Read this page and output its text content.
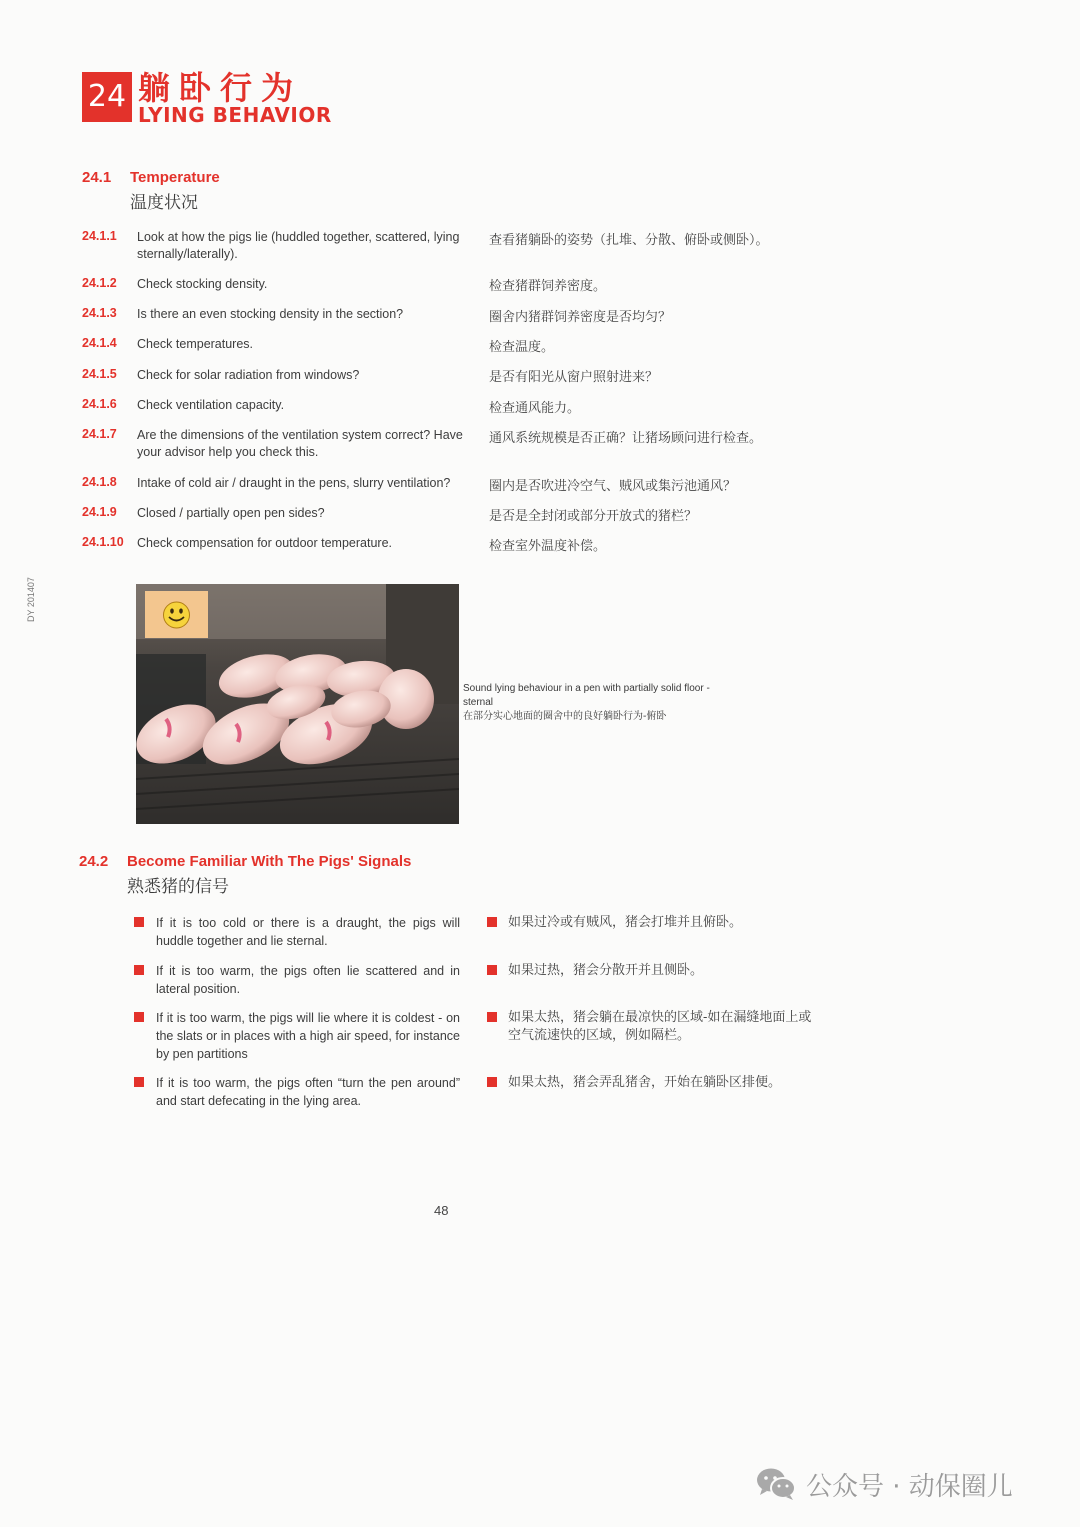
DY 201407
24 躺卧行为
LYING BEHAVIOR
24.1 Temperature
温度状况
24.1.1 Look at how the pigs lie (huddled together, scattered, lying sternally/laterally).
查看猪躺卧的姿势（扎堆、分散、俯卧或侧卧）。
24.1.2 Check stocking density.	检查猪群饲养密度。
24.1.3 Is there an even stocking density in the section?	圈舍内猪群饲养密度是否均匀？
24.1.4 Check temperatures.	检查温度。
24.1.5 Check for solar radiation from windows?	是否有阳光从窗户照射进来？
24.1.6 Check ventilation capacity.	检查通风能力。
24.1.7 Are the dimensions of the ventilation system correct? Have your advisor help you check this.
通风系统规模是否正确？让猪场顾问进行检查。
24.1.8 Intake of cold air / draught in the pens, slurry ventilation?	圈内是否吹进冷空气、贼风或集污池通风？
24.1.9 Closed / partially open pen sides?	是否是全封闭或部分开放式的猪栏？
24.1.10 Check compensation for outdoor temperature.	检查室外温度补偿。
Sound lying behaviour in a pen with partially solid floor - sternal
在部分实心地面的圈舍中的良好躺卧行为-俯卧
24.2 Become Familiar With The Pigs' Signals
熟悉猪的信号
If it is too cold or there is a draught, the pigs will huddle together and lie sternal.
如果过冷或有贼风，猪会打堆并且俯卧。
If it is too warm, the pigs often lie scattered and in lateral position.
如果过热，猪会分散开并且侧卧。
If it is too warm, the pigs will lie where it is coldest - on the slats or in places with a high air speed, for instance by pen partitions
如果太热，猪会躺在最凉快的区域-如在漏缝地面上或空气流速快的区域，例如隔栏。
If it is too warm, the pigs often “turn the pen around” and start defecating in the lying area.
如果太热，猪会弄乱猪舍，开始在躺卧区排便。
48
公众号 · 动保圈儿
